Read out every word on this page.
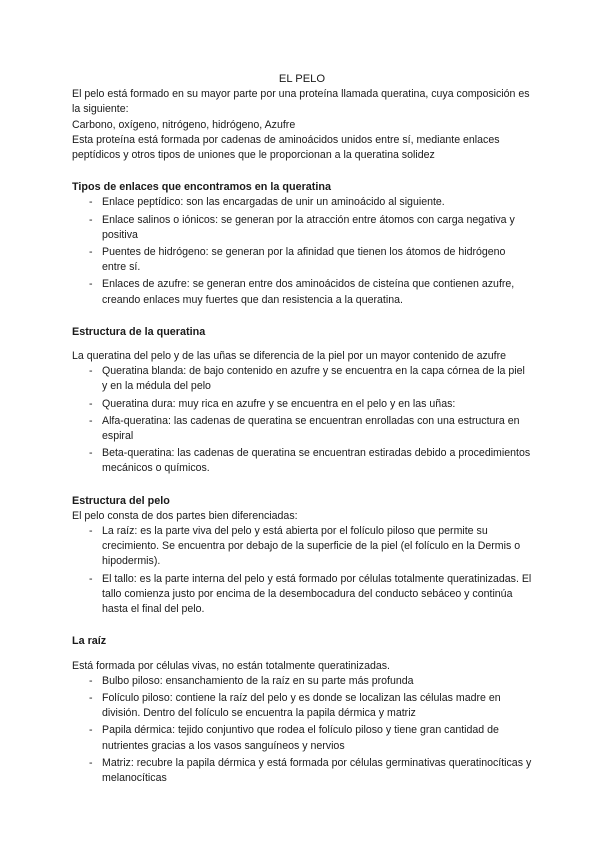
EL PELO

El pelo está formado en su mayor parte por una proteína llamada queratina, cuya composición es la siguiente:

Carbono, oxígeno, nitrógeno, hidrógeno, Azufre

Esta proteína está formada por cadenas de aminoácidos unidos entre sí, mediante enlaces peptídicos y otros tipos de uniones que le proporcionan a la queratina solidez

Tipos de enlaces que encontramos en la queratina
- Enlace peptídico: son las encargadas de unir un aminoácido al siguiente.
- Enlace salinos o iónicos: se generan por la atracción entre átomos con carga negativa y positiva
- Puentes de hidrógeno: se generan por la afinidad que tienen los átomos de hidrógeno entre sí.
- Enlaces de azufre: se generan entre dos aminoácidos de cisteína que contienen azufre, creando enlaces muy fuertes que dan resistencia a la queratina.
Estructura de la queratina

La queratina del pelo y de las uñas se diferencia de la piel por un mayor contenido de azufre

- Queratina blanda: de bajo contenido en azufre y se encuentra en la capa córnea de la piel y en la médula del pelo
- Queratina dura: muy rica en azufre y se encuentra en el pelo y en las uñas:
- Alfa-queratina: las cadenas de queratina se encuentran enrolladas con una estructura en espiral
- Beta-queratina: las cadenas de queratina se encuentran estiradas debido a procedimientos mecánicos o químicos.
Estructura del pelo

El pelo consta de dos partes bien diferenciadas:

- La raíz: es la parte viva del pelo y está abierta por el folículo piloso que permite su crecimiento. Se encuentra por debajo de la superficie de la piel (el folículo en la Dermis o hipodermis).
- El tallo: es la parte interna del pelo y está formado por células totalmente queratinizadas. El tallo comienza justo por encima de la desembocadura del conducto sebáceo y continúa hasta el final del pelo.
La raíz

Está formada por células vivas, no están totalmente queratinizadas.

- Bulbo piloso: ensanchamiento de la raíz en su parte más profunda
- Folículo piloso: contiene la raíz del pelo y es donde se localizan las células madre en división. Dentro del folículo se encuentra la papila dérmica y matriz
- Papila dérmica: tejido conjuntivo que rodea el folículo piloso y tiene gran cantidad de nutrientes gracias a los vasos sanguíneos y nervios
- Matriz: recubre la papila dérmica y está formada por células germinativas queratinocíticas y melanocíticas
